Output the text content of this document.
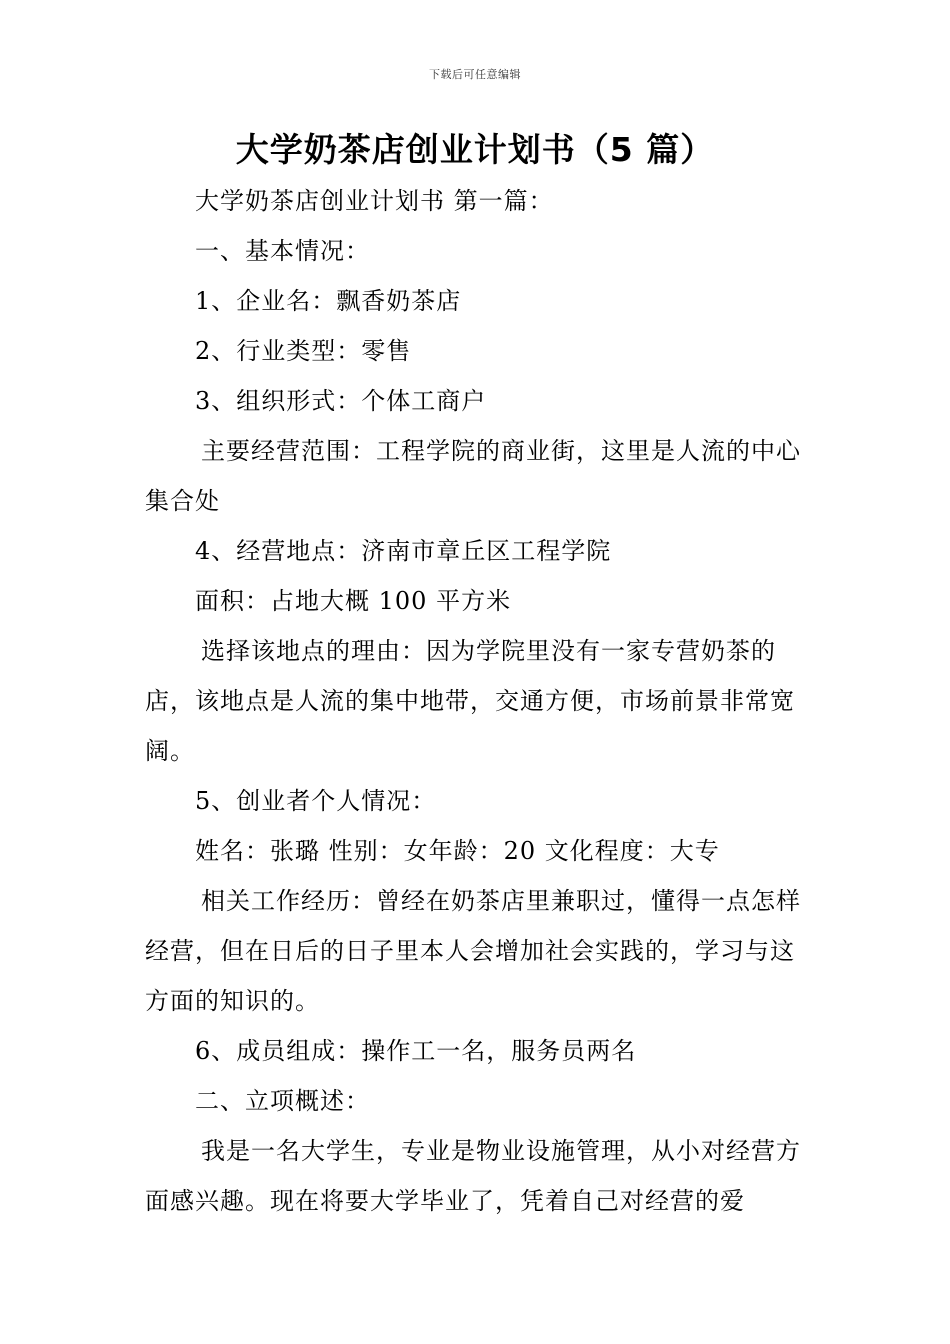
下载后可任意编辑
大学奶茶店创业计划书（5 篇）

大学奶茶店创业计划书 第一篇：

一、基本情况：

1、企业名：飘香奶茶店

2、行业类型：零售

3、组织形式：个体工商户

主要经营范围：工程学院的商业街，这里是人流的中心集合处

4、经营地点：济南市章丘区工程学院

面积：占地大概 100 平方米

选择该地点的理由：因为学院里没有一家专营奶茶的店，该地点是人流的集中地带，交通方便，市场前景非常宽阔。

5、创业者个人情况：

姓名：张璐 性别：女年龄：20 文化程度：大专

相关工作经历：曾经在奶茶店里兼职过，懂得一点怎样经营，但在日后的日子里本人会增加社会实践的，学习与这方面的知识的。

6、成员组成：操作工一名，服务员两名

二、立项概述：

我是一名大学生，专业是物业设施管理，从小对经营方面感兴趣。现在将要大学毕业了，凭着自己对经营的爱
